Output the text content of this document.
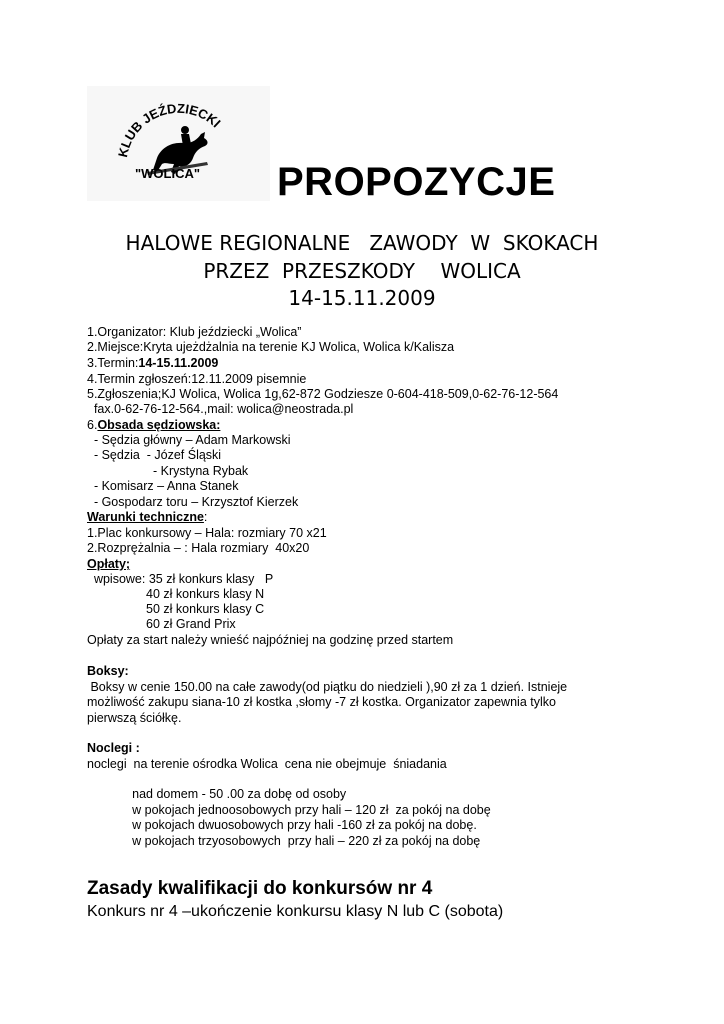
KLUB JEŹDZIECKI
"WOLICA" PROPOZYCJE
HALOWE REGIONALNE   ZAWODY  W  SKOKACH
PRZEZ  PRZESZKODY    WOLICA
14-15.11.2009
1.Organizator: Klub jeździecki „Wolica”
2.Miejsce:Kryta ujeżdżalnia na terenie KJ Wolica, Wolica k/Kalisza
3.Termin:14-15.11.2009
4.Termin zgłoszeń:12.11.2009 pisemnie
5.Zgłoszenia;KJ Wolica, Wolica 1g,62-872 Godziesze 0-604-418-509,0-62-76-12-564
fax.0-62-76-12-564.,mail: wolica@neostrada.pl
6.Obsada sędziowska:
- Sędzia główny – Adam Markowski
- Sędzia  - Józef Śląski
- Krystyna Rybak
- Komisarz – Anna Stanek
- Gospodarz toru – Krzysztof Kierzek
Warunki techniczne:
1.Plac konkursowy – Hala: rozmiary 70 x21
2.Rozprężalnia – : Hala rozmiary  40x20
Opłaty;
wpisowe: 35 zł konkurs klasy   P
40 zł konkurs klasy N
50 zł konkurs klasy C
60 zł Grand Prix
Opłaty za start należy wnieść najpóźniej na godzinę przed startem
Boksy:
Boksy w cenie 150.00 na całe zawody(od piątku do niedzieli ),90 zł za 1 dzień. Istnieje
możliwość zakupu siana-10 zł kostka ,słomy -7 zł kostka. Organizator zapewnia tylko
pierwszą ściółkę.
Noclegi :
noclegi  na terenie ośrodka Wolica  cena nie obejmuje  śniadania
nad domem - 50 .00 za dobę od osoby
w pokojach jednoosobowych przy hali – 120 zł  za pokój na dobę
w pokojach dwuosobowych przy hali -160 zł za pokój na dobę.
w pokojach trzyosobowych  przy hali – 220 zł za pokój na dobę
Zasady kwalifikacji do konkursów nr 4
Konkurs nr 4 –ukończenie konkursu klasy N lub C (sobota)
